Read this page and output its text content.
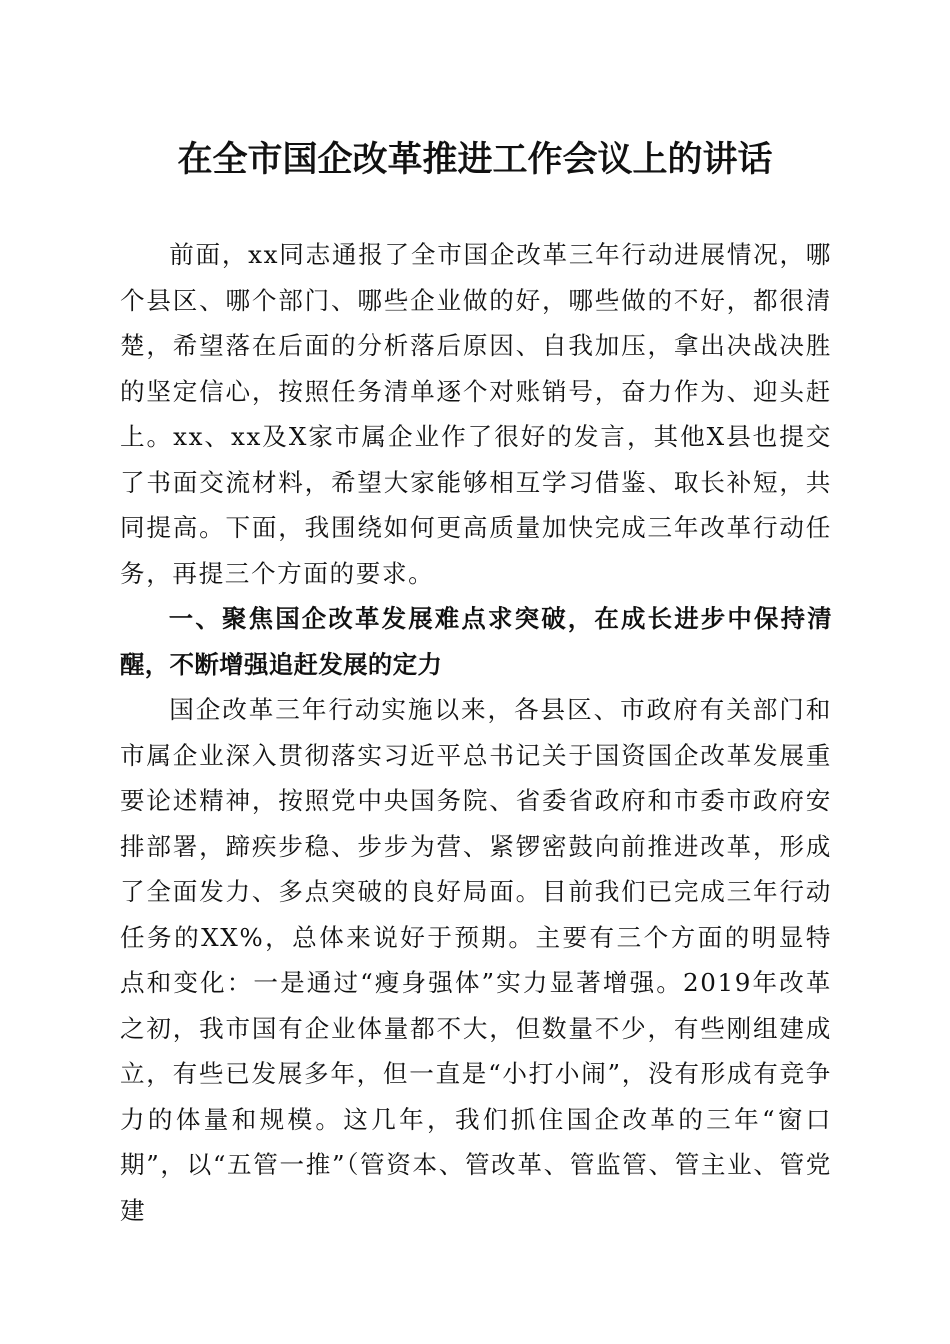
在全市国企改革推进工作会议上的讲话

前面，xx同志通报了全市国企改革三年行动进展情况，哪个县区、哪个部门、哪些企业做的好，哪些做的不好，都很清楚，希望落在后面的分析落后原因、自我加压，拿出决战决胜的坚定信心，按照任务清单逐个对账销号，奋力作为、迎头赶上。xx、xx及X家市属企业作了很好的发言，其他X县也提交了书面交流材料，希望大家能够相互学习借鉴、取长补短，共同提高。下面，我围绕如何更高质量加快完成三年改革行动任务，再提三个方面的要求。

一、聚焦国企改革发展难点求突破，在成长进步中保持清醒，不断增强追赶发展的定力

国企改革三年行动实施以来，各县区、市政府有关部门和市属企业深入贯彻落实习近平总书记关于国资国企改革发展重要论述精神，按照党中央国务院、省委省政府和市委市政府安排部署，蹄疾步稳、步步为营、紧锣密鼓向前推进改革，形成了全面发力、多点突破的良好局面。目前我们已完成三年行动任务的XX%，总体来说好于预期。主要有三个方面的明显特点和变化：一是通过“瘦身强体”实力显著增强。2019年改革之初，我市国有企业体量都不大，但数量不少，有些刚组建成立，有些已发展多年，但一直是“小打小闹”，没有形成有竞争力的体量和规模。这几年，我们抓住国企改革的三年“窗口期”，以“五管一推”（管资本、管改革、管监管、管主业、管党建
